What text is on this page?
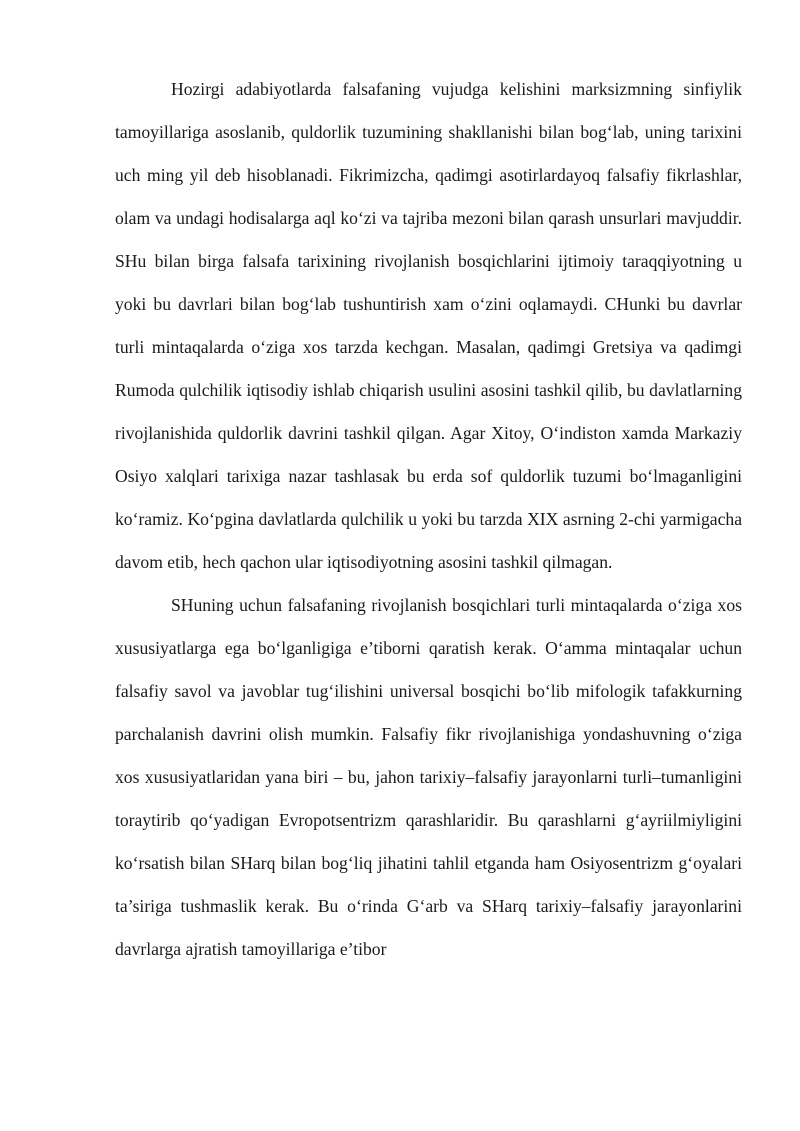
Hozirgi adabiyotlarda falsafaning vujudga kelishini marksizmning sinfiylik tamoyillariga asoslanib, quldorlik tuzumining shakllanishi bilan bog‘lab, uning tarixini uch ming yil deb hisoblanadi. Fikrimizcha, qadimgi asotirlardayoq falsafiy fikrlashlar, olam va undagi hodisalarga aql ko‘zi va tajriba mezoni bilan qarash unsurlari mavjuddir. SHu bilan birga falsafa tarixining rivojlanish bosqichlarini ijtimoiy taraqqiyotning u yoki bu davrlari bilan bog‘lab tushuntirish xam o‘zini oqlamaydi. CHunki bu davrlar turli mintaqalarda o‘ziga xos tarzda kechgan. Masalan, qadimgi Gretsiya va qadimgi Rumoda qulchilik iqtisodiy ishlab chiqarish usulini asosini tashkil qilib, bu davlatlarning rivojlanishida quldorlik davrini tashkil qilgan. Agar Xitoy, O‘indiston xamda Markaziy Osiyo xalqlari tarixiga nazar tashlasak bu erda sof quldorlik tuzumi bo‘lmaganligini ko‘ramiz. Ko‘pgina davlatlarda qulchilik u yoki bu tarzda XIX asrning 2-chi yarmigacha davom etib, hech qachon ular iqtisodiyotning asosini tashkil qilmagan.

SHuning uchun falsafaning rivojlanish bosqichlari turli mintaqalarda o‘ziga xos xususiyatlarga ega bo‘lganligiga e’tiborni qaratish kerak. O‘amma mintaqalar uchun falsafiy savol va javoblar tug‘ilishini universal bosqichi bo‘lib mifologik tafakkurning parchalanish davrini olish mumkin. Falsafiy fikr rivojlanishiga yondashuvning o‘ziga xos xususiyatlaridan yana biri – bu, jahon tarixiy–falsafiy jarayonlarni turli–tumanligini toraytirib qo‘yadigan Evropotsentrizm qarashlaridir. Bu qarashlarni g‘ayriilmiyligini ko‘rsatish bilan SHarq bilan bog‘liq jihatini tahlil etganda ham Osiyosentrizm g‘oyalari ta’siriga tushmaslik kerak. Bu o‘rinda G‘arb va SHarq tarixiy–falsafiy jarayonlarini davrlarga ajratish tamoyillariga e’tibor
